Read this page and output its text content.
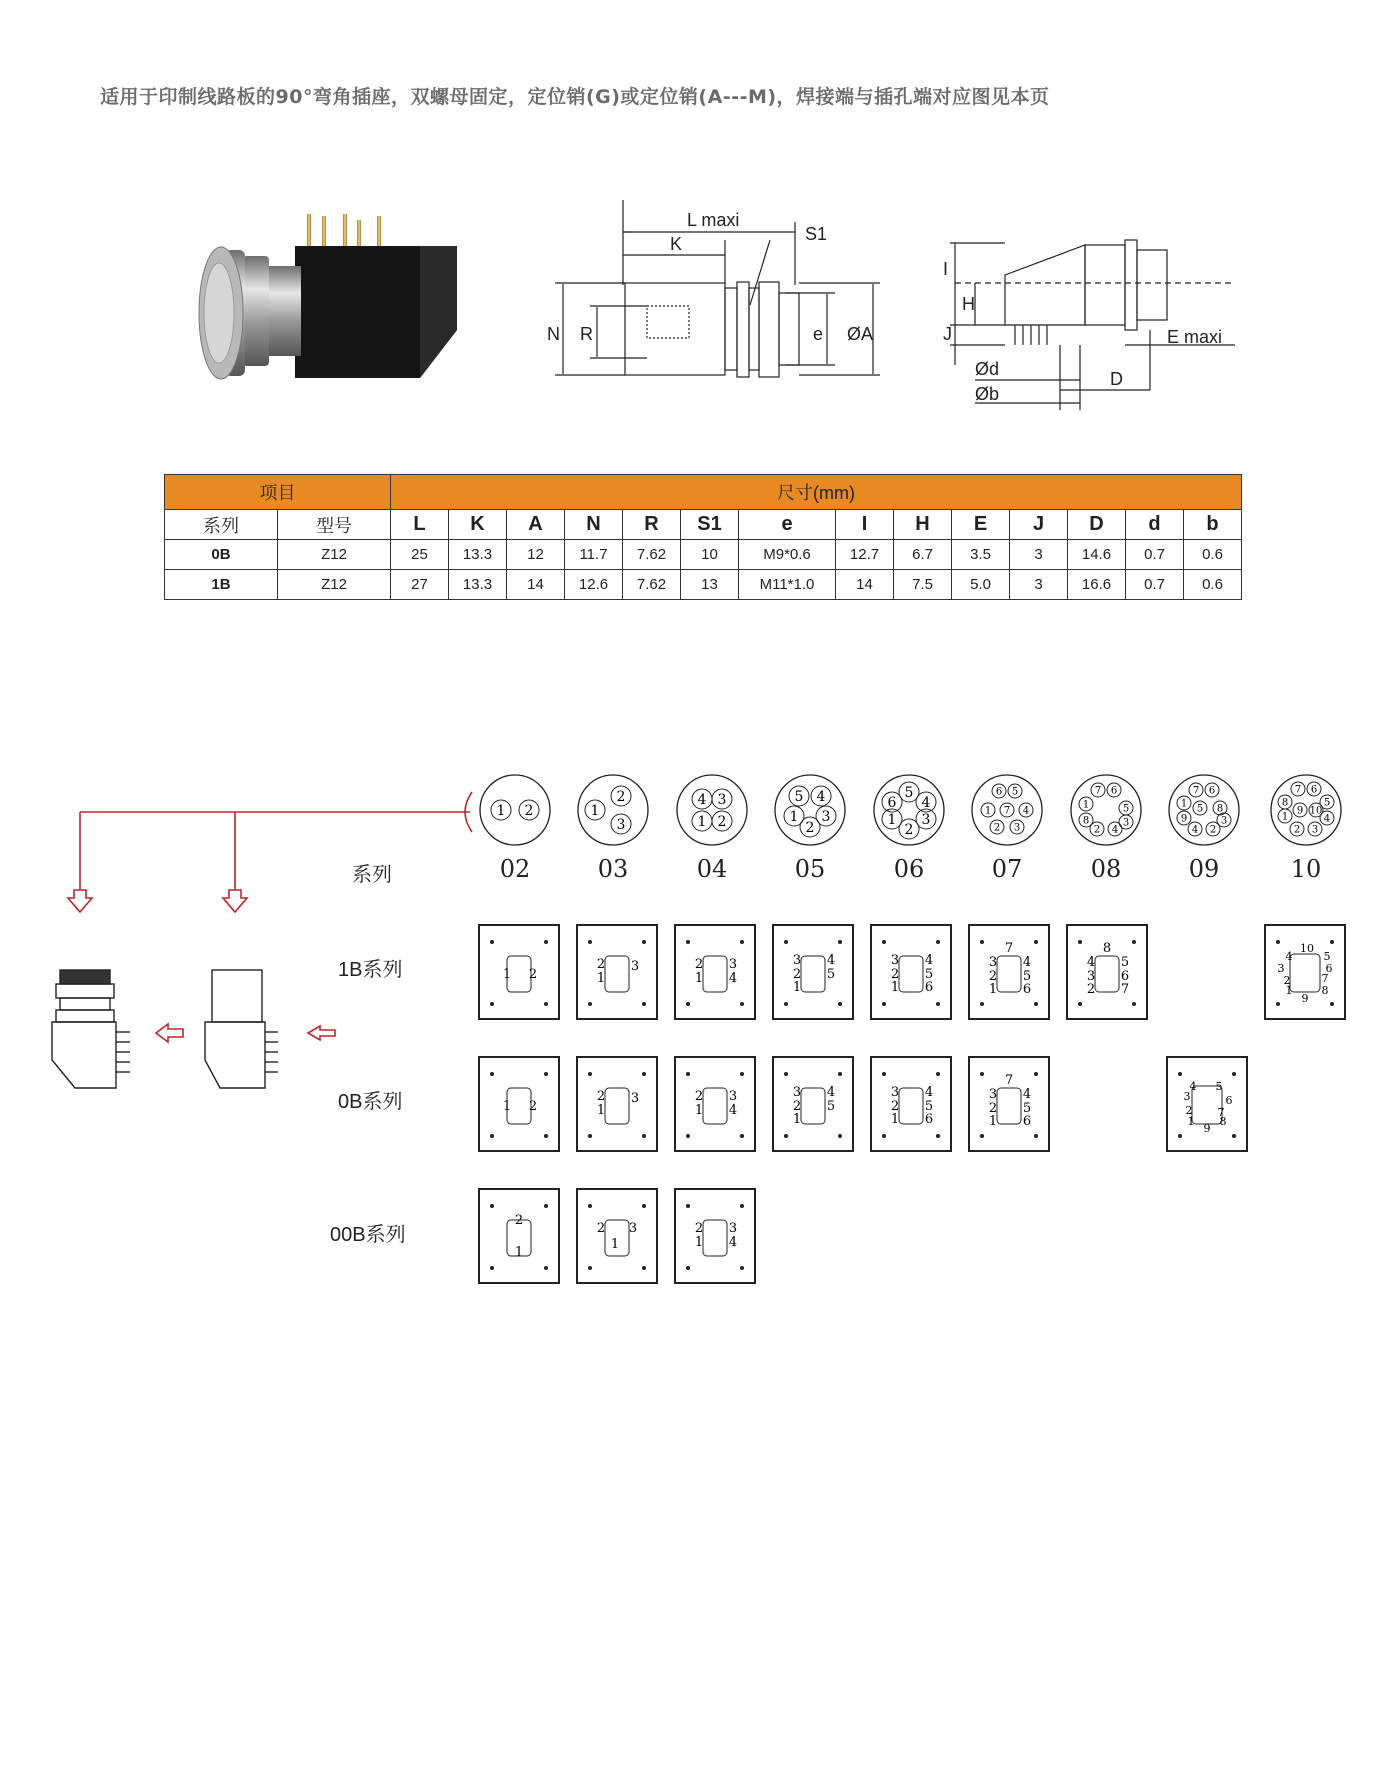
适用于印制线路板的90°弯角插座，双螺母固定，定位销(G)或定位销(A---M)，焊接端与插孔端对应图见本页
L maxi
K	S1
N R	e ØA
I
H
J	E maxi
Ød	D
Øb
项目		尺寸(mm)													
系列	型号	L	K	A	N	R	S1	e	I	H	E	J	D	d	b
0B	Z12	25	13.3	12	11.7	7.62	10	M9*0.6	12.7	6.7	3.5	3	14.6	0.7	0.6
1B	Z12	27	13.3	14	12.6	7.62	13	M11*1.0	14	7.5	5.0	3	16.6	0.7	0.6
系列
1B系列
0B系列
00B系列
1 2
02
1
2
3
03
4 3
1 2
04
5 4
1 3
2
05
5
6 4
1 3
2
06
6 5
1 7 4
2 3
07
7 6
1
8
5
2 4
3
08
7 6
1 5 8
9
4 2
3
09
7 6
8	5
9
1
10
4
2 3
10
1 2
2
1
3	2
1
3
4
3
2
1
4
5
3
2
1
4
5
6
7
3
2
1
4
5
6
8
4
3
2
5
6
7
10
4	5
3	6
2	7
1	8
9
1 2
2
1
3	2
1
3
4
3
2
1
4
5
3
2
1
4
5
6
7
3
2
1
4
5
6
4 5
3
2
6
7
1 8
9
2
1
2 3
1
2
1
3
4
